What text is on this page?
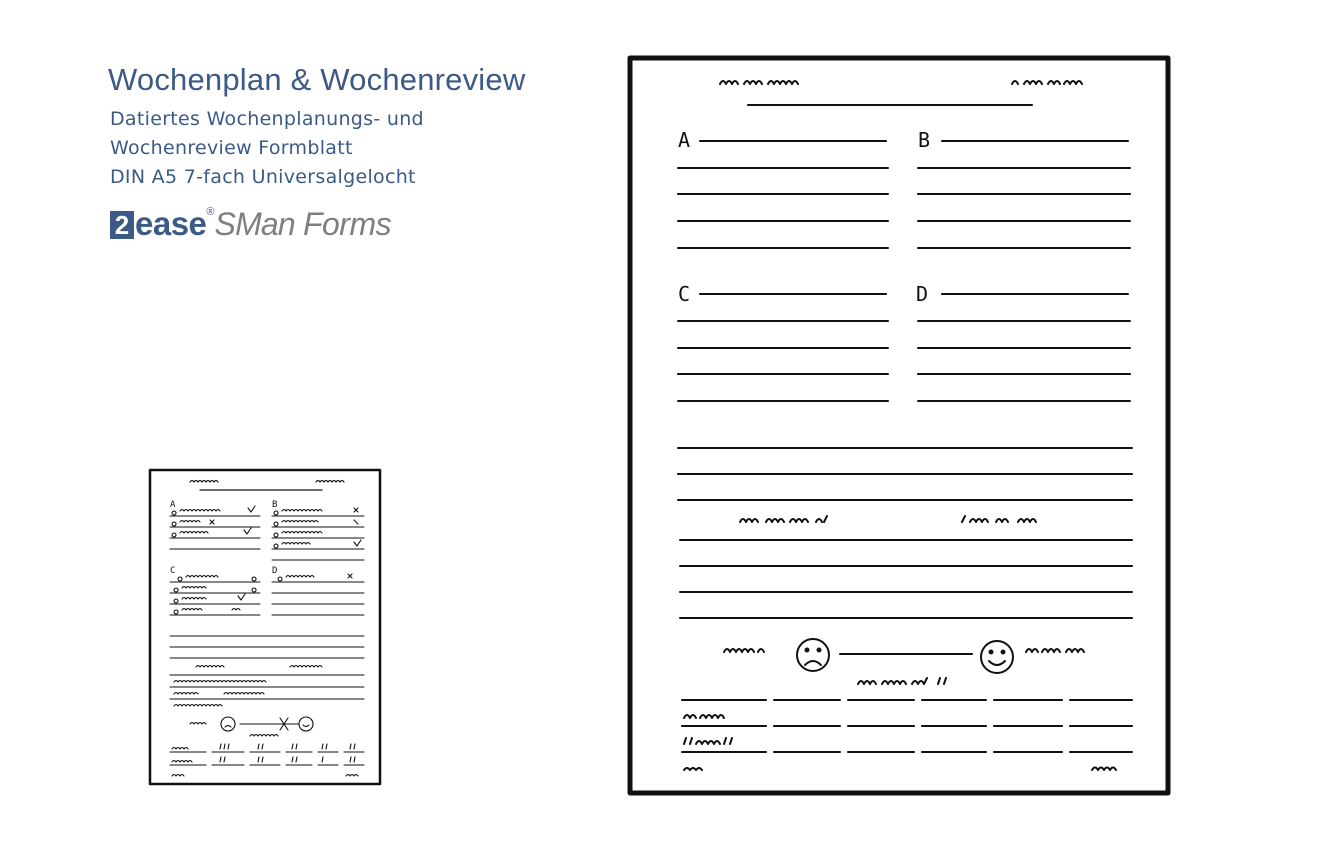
Wochenplan & Wochenreview
Datiertes Wochenplanungs- und
Wochenreview Formblatt
DIN A5 7-fach Universalgelocht
2 ease ® SMan Forms
A	B
C	D
A	B
C	D
